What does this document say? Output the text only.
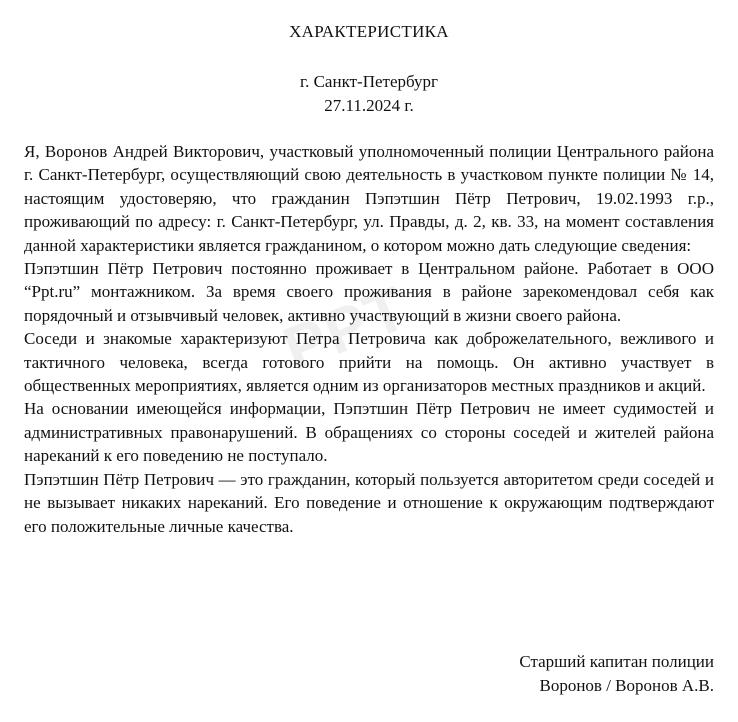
PPT
ХАРАКТЕРИСТИКА
г. Санкт-Петербург
27.11.2024 г.

Я, Воронов Андрей Викторович, участковый уполномоченный полиции Центрального района г. Санкт-Петербург, осуществляющий свою деятельность в участковом пункте полиции № 14, настоящим удостоверяю, что гражданин Пэпэтшин Пётр Петрович, 19.02.1993 г.р., проживающий по адресу: г. Санкт-Петербург, ул. Правды, д. 2, кв. 33, на момент составления данной характеристики является гражданином, о котором можно дать следующие сведения:

Пэпэтшин Пётр Петрович постоянно проживает в Центральном районе. Работает в ООО “Ppt.ru” монтажником. За время своего проживания в районе зарекомендовал себя как порядочный и отзывчивый человек, активно участвующий в жизни своего района.

Соседи и знакомые характеризуют Петра Петровича как доброжелательного, вежливого и тактичного человека, всегда готового прийти на помощь. Он активно участвует в общественных мероприятиях, является одним из организаторов местных праздников и акций.

На основании имеющейся информации, Пэпэтшин Пётр Петрович не имеет судимостей и административных правонарушений. В обращениях со стороны соседей и жителей района нареканий к его поведению не поступало.

Пэпэтшин Пётр Петрович — это гражданин, который пользуется авторитетом среди соседей и не вызывает никаких нареканий. Его поведение и отношение к окружающим подтверждают его положительные личные качества.

Старший капитан полиции
Воронов / Воронов А.В.
